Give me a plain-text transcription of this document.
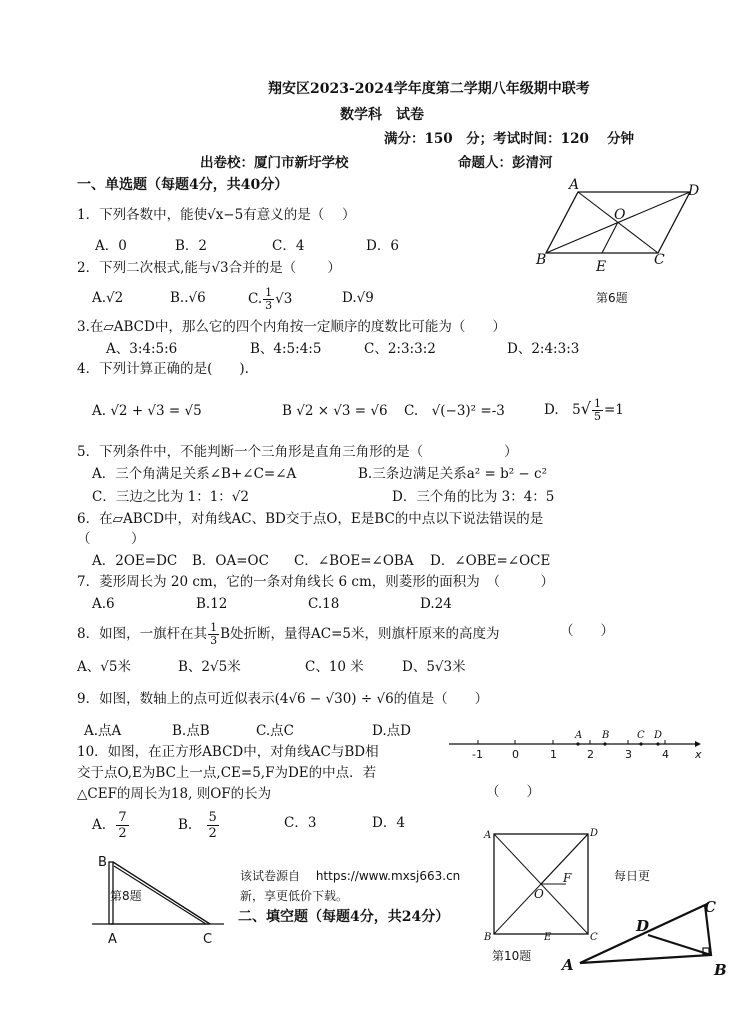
翔安区2023-2024学年度第二学期八年级期中联考
数学科　试卷
满分：150　分；考试时间：120　 分钟
出卷校：厦门市新圩学校	命题人：彭清河
一、单选题（每题4分，共40分）
1．下列各数中，能使√x−5有意义的是（　 ）
A．0	B．2	C．4	D．6
2．下列二次根式,能与√3合并的是（　　 ）
A.√2	B..√6	C. $\frac{1}{3} √3$	D.√9
3.在▱ABCD中，那么它的四个内角按一定顺序的度数比可能为（　　）
A、3:4:5:6	B、4:5:4:5	C、2:3:3:2	D、2:4:3:3
4．下列计算正确的是(　　).
A. √2 + √3 = √5	B √2 × √3 = √6 C.　√(−3)² =-3	D.　$5√ \frac{1}{5} =1$
5．下列条件中，不能判断一个三角形是直角三角形的是（　　　　　　）
A．三个角满足关系∠B+∠C=∠A	B.三条边满足关系a² = b² − c²
C．三边之比为 1：1：√2	D．三个角的比为 3：4：5
6．在▱ABCD中，对角线AC、BD交于点O，E是BC的中点以下说法错误的是
（　　　）
A．2OE=DC B．OA=OC C．∠BOE=∠OBA D．∠OBE=∠OCE
7．菱形周长为 20 cm，它的一条对角线长 6 cm，则菱形的面积为　（　　　）
A.6	B.12	C.18	D.24
8．如图，一旗杆在其 $\frac{1}{3}$ B处折断，量得AC=5米，则旗杆原来的高度为	（　　）
A、√5米	B、2√5米	C、10 米	D、5√3米
9．如图，数轴上的点可近似表示(4√6 − √30) ÷ √6的值是（　　）
A.点A	B.点B	C.点C	D.点D
-1	0	1	2	3	4 x
A B	C D
10．如图，在正方形ABCD中，对角线AC与BD相
交于点O,E为BC上一点,CE=5,F为DE的中点．若
△CEF的周长为18, 则OF的长为	（　　）
A. $\frac{7}{2}$	B. $\frac{5}{2}$	C．3	D．4
A	D
O
B	E	C
第6题
B
A	C
第8题
该试卷源自　 https://www.mxsj663.cn
新，享更低价下载。
每日更
二、填空题（每题4分，共24分）
A	D
B	E	C
O
F
第10题 A	B
C
D
